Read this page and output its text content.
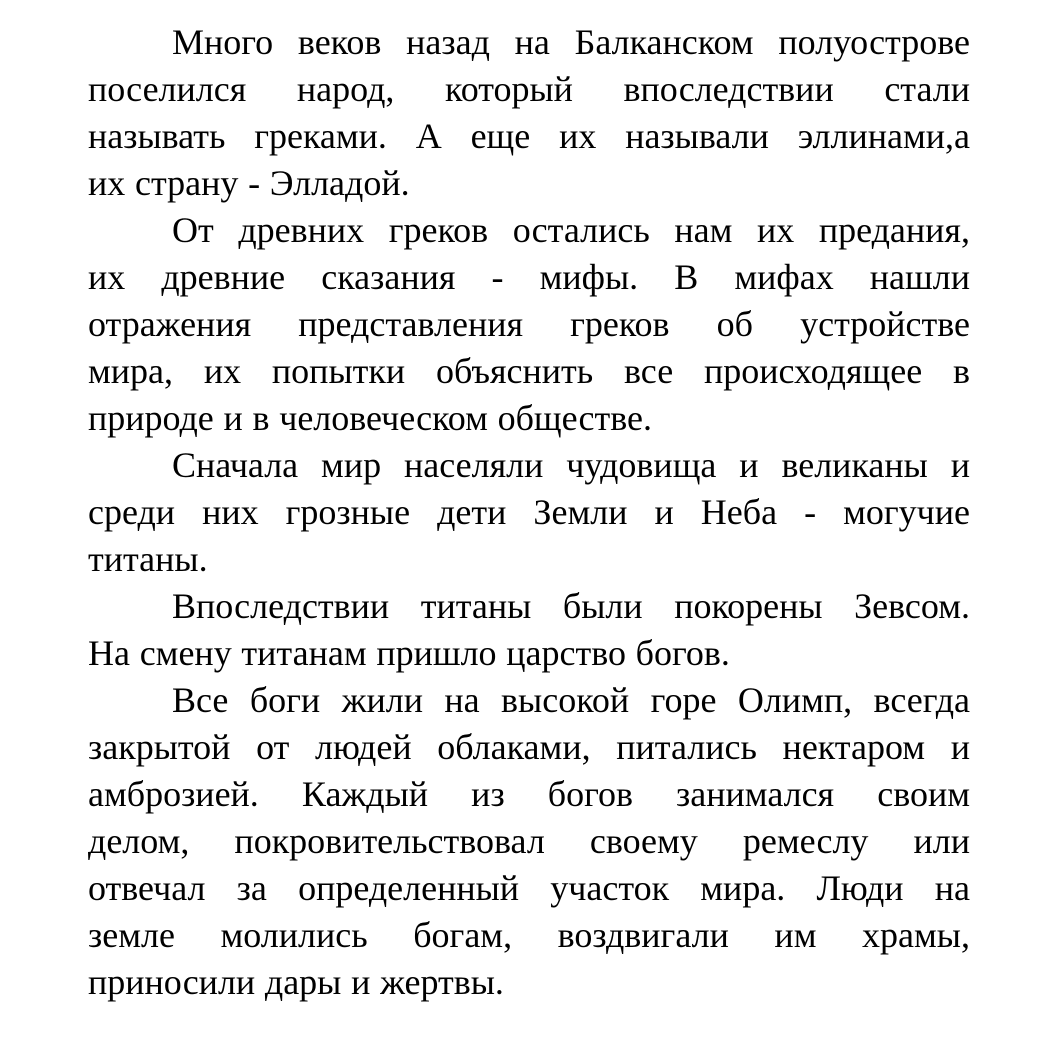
Много веков назад на Балканском полуострове
поселился народ, который впоследствии стали
называть греками. А еще их называли эллинами,а
их страну - Элладой.
От древних греков остались нам их предания,
их древние сказания - мифы. В мифах нашли
отражения представления греков об устройстве
мира, их попытки объяснить все происходящее в
природе и в человеческом обществе.
Сначала мир населяли чудовища и великаны и
среди них грозные дети Земли и Неба - могучие
титаны.
Впоследствии титаны были покорены Зевсом.
На смену титанам пришло царство богов.
Все боги жили на высокой горе Олимп, всегда
закрытой от людей облаками, питались нектаром и
амброзией. Каждый из богов занимался своим
делом, покровительствовал своему ремеслу или
отвечал за определенный участок мира. Люди на
земле молились богам, воздвигали им храмы,
приносили дары и жертвы.
